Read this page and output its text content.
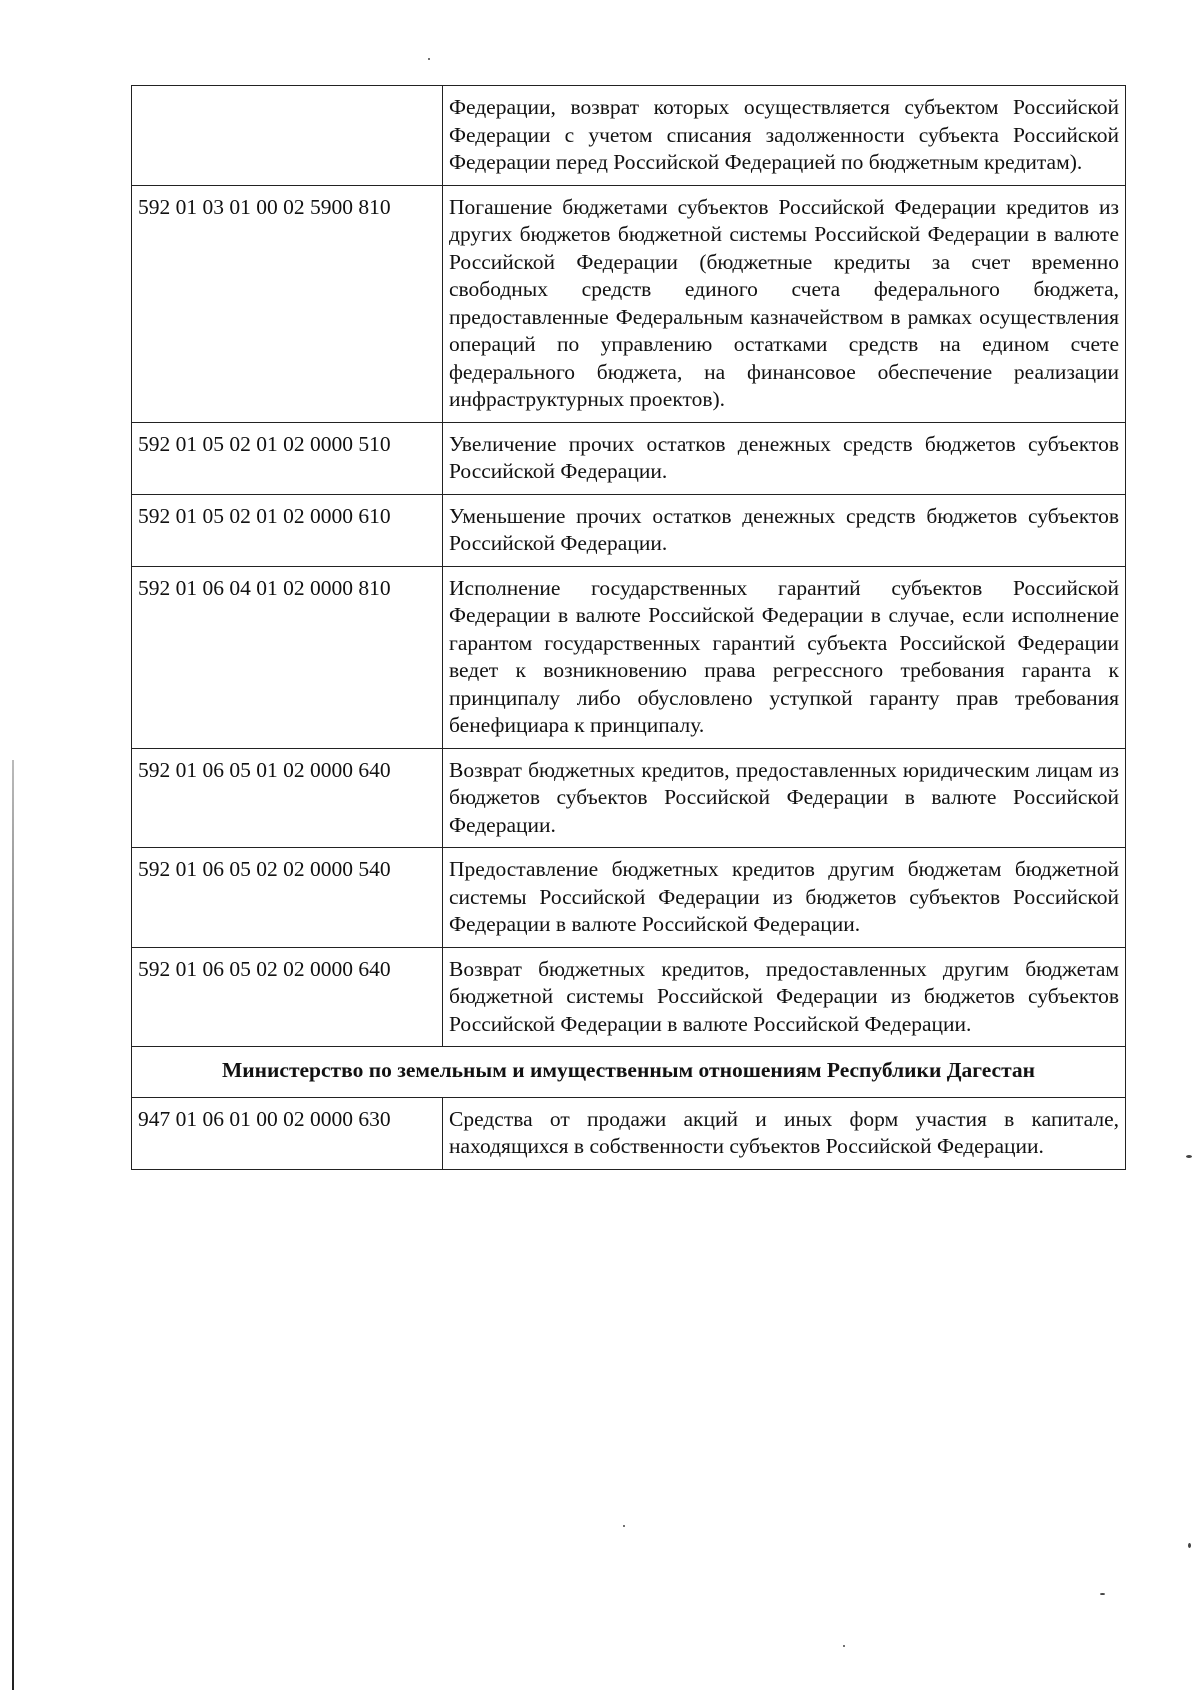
	Федерации, возврат которых осуществляется субъектом Российской Федерации с учетом списания задолженности субъекта Российской Федерации перед Российской Федерацией по бюджетным кредитам).
592 01 03 01 00 02 5900 810	Погашение бюджетами субъектов Российской Федерации кредитов из других бюджетов бюджетной системы Российской Федерации в валюте Российской Федерации (бюджетные кредиты за счет временно свободных средств единого счета федерального бюджета, предоставленные Федеральным казначейством в рамках осуществления операций по управлению остатками средств на едином счете федерального бюджета, на финансовое обеспечение реализации инфраструктурных проектов).
592 01 05 02 01 02 0000 510	Увеличение прочих остатков денежных средств бюджетов субъектов Российской Федерации.
592 01 05 02 01 02 0000 610	Уменьшение прочих остатков денежных средств бюджетов субъектов Российской Федерации.
592 01 06 04 01 02 0000 810	Исполнение государственных гарантий субъектов Российской Федерации в валюте Российской Федерации в случае, если исполнение гарантом государственных гарантий субъекта Российской Федерации ведет к возникновению права регрессного требования гаранта к принципалу либо обусловлено уступкой гаранту прав требования бенефициара к принципалу.
592 01 06 05 01 02 0000 640	Возврат бюджетных кредитов, предоставленных юридическим лицам из бюджетов субъектов Российской Федерации в валюте Российской Федерации.
592 01 06 05 02 02 0000 540	Предоставление бюджетных кредитов другим бюджетам бюджетной системы Российской Федерации из бюджетов субъектов Российской Федерации в валюте Российской Федерации.
592 01 06 05 02 02 0000 640	Возврат бюджетных кредитов, предоставленных другим бюджетам бюджетной системы Российской Федерации из бюджетов субъектов Российской Федерации в валюте Российской Федерации.
Министерство по земельным и имущественным отношениям Республики Дагестан	
947 01 06 01 00 02 0000 630	Средства от продажи акций и иных форм участия в капитале, находящихся в собственности субъектов Российской Федерации.
